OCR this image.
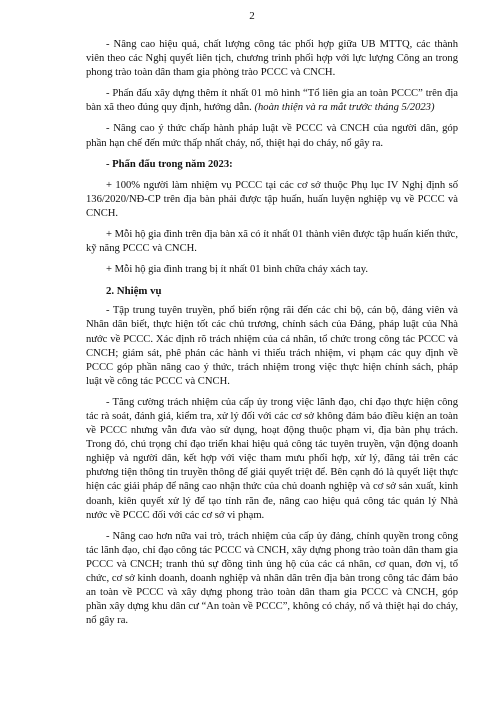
2

- Nâng cao hiệu quả, chất lượng công tác phối hợp giữa UB MTTQ, các thành viên theo các Nghị quyết liên tịch, chương trình phối hợp với lực lượng Công an trong phong trào toàn dân tham gia phòng trào PCCC và CNCH.

- Phấn đấu xây dựng thêm ít nhất 01 mô hình “Tổ liên gia an toàn PCCC” trên địa bàn xã theo đúng quy định, hướng dẫn. (hoàn thiện và ra mắt trước tháng 5/2023)

- Nâng cao ý thức chấp hành pháp luật về PCCC và CNCH của người dân, góp phần hạn chế đến mức thấp nhất cháy, nổ, thiệt hại do cháy, nổ gây ra.

- Phấn đấu trong năm 2023:

+ 100% người làm nhiệm vụ PCCC tại các cơ sở thuộc Phụ lục IV Nghị định số 136/2020/NĐ-CP trên địa bàn phải được tập huấn, huấn luyện nghiệp vụ về PCCC và CNCH.

+ Mỗi hộ gia đình trên địa bàn xã có ít nhất 01 thành viên được tập huấn kiến thức, kỹ năng PCCC và CNCH.

+ Mỗi hộ gia đình trang bị ít nhất 01 bình chữa cháy xách tay.

2. Nhiệm vụ

- Tập trung tuyên truyền, phổ biến rộng rãi đến các chi bộ, cán bộ, đảng viên và Nhân dân biết, thực hiện tốt các chủ trương, chính sách của Đảng, pháp luật của Nhà nước về PCCC. Xác định rõ trách nhiệm của cá nhân, tổ chức trong công tác PCCC và CNCH; giám sát, phê phán các hành vi thiếu trách nhiệm, vi phạm các quy định về PCCC góp phần nâng cao ý thức, trách nhiệm trong việc thực hiện chính sách, pháp luật về công tác PCCC và CNCH.

- Tăng cường trách nhiệm của cấp ủy trong việc lãnh đạo, chỉ đạo thực hiện công tác rà soát, đánh giá, kiểm tra, xử lý đối với các cơ sở không đảm bảo điều kiện an toàn về PCCC nhưng vẫn đưa vào sử dụng, hoạt động thuộc phạm vi, địa bàn phụ trách. Trong đó, chú trọng chỉ đạo triển khai hiệu quả công tác tuyên truyền, vận động doanh nghiệp và người dân, kết hợp với việc tham mưu phối hợp, xử lý, đăng tải trên các phương tiện thông tin truyền thông để giải quyết triệt để. Bên cạnh đó là quyết liệt thực hiện các giải pháp để nâng cao nhận thức của chủ doanh nghiệp và cơ sở sản xuất, kinh doanh, kiên quyết xử lý để tạo tính răn đe, nâng cao hiệu quả công tác quản lý Nhà nước về PCCC đối với các cơ sở vi phạm.

- Nâng cao hơn nữa vai trò, trách nhiệm của cấp ủy đảng, chính quyền trong công tác lãnh đạo, chỉ đạo công tác PCCC và CNCH, xây dựng phong trào toàn dân tham gia PCCC và CNCH; tranh thủ sự đồng tình ủng hộ của các cá nhân, cơ quan, đơn vị, tổ chức, cơ sở kinh doanh, doanh nghiệp và nhân dân trên địa bàn trong công tác đảm bảo an toàn về PCCC và xây dựng phong trào toàn dân tham gia PCCC và CNCH, góp phần xây dựng khu dân cư “An toàn về PCCC”, không có cháy, nổ và thiệt hại do cháy, nổ gây ra.
